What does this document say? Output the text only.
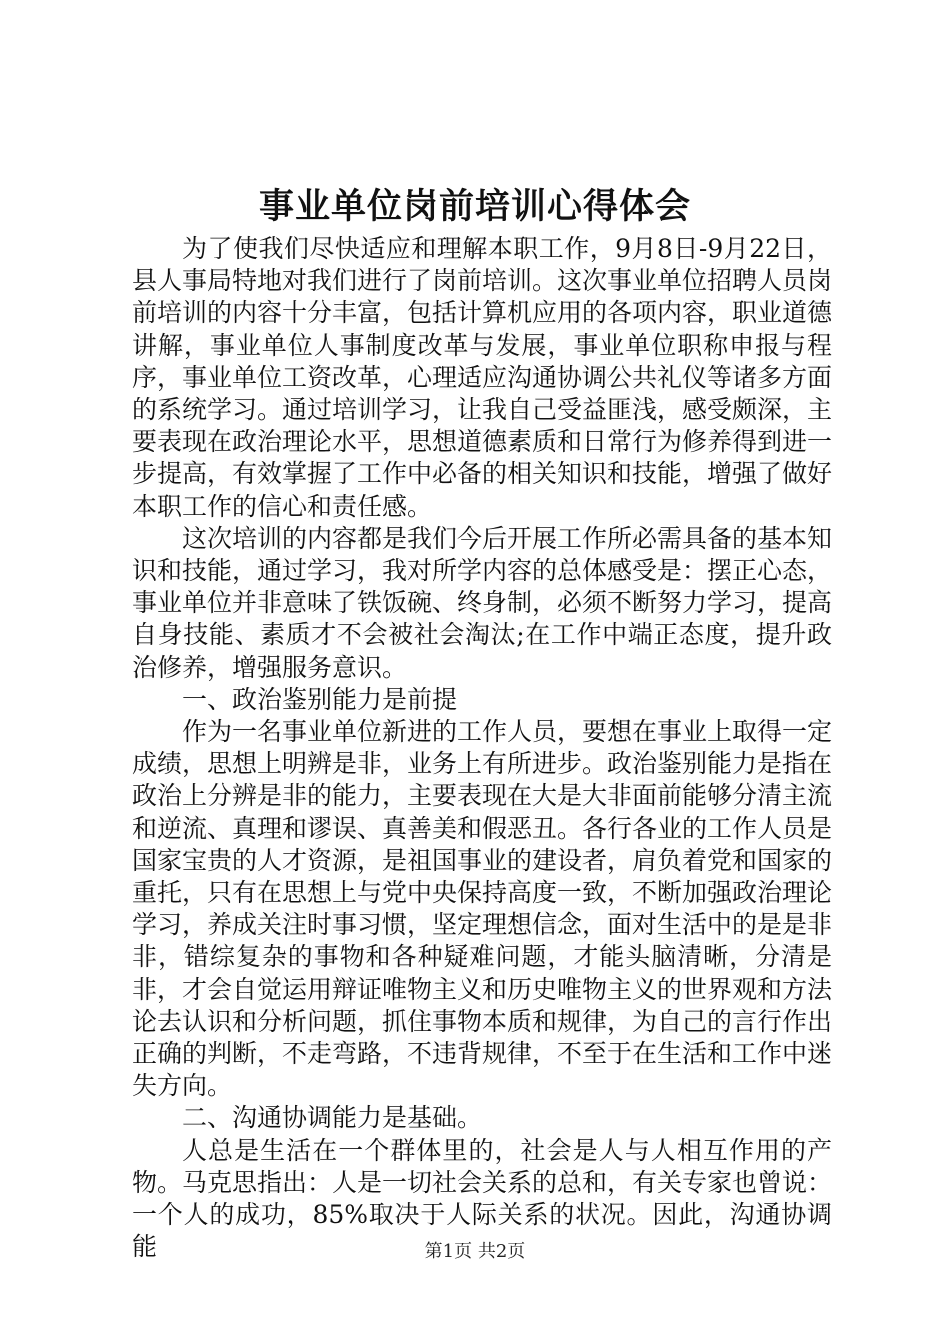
事业单位岗前培训心得体会

为了使我们尽快适应和理解本职工作，9月8日-9月22日，县人事局特地对我们进行了岗前培训。这次事业单位招聘人员岗前培训的内容十分丰富，包括计算机应用的各项内容，职业道德讲解，事业单位人事制度改革与发展，事业单位职称申报与程序，事业单位工资改革，心理适应沟通协调公共礼仪等诸多方面的系统学习。通过培训学习，让我自己受益匪浅，感受颇深，主要表现在政治理论水平，思想道德素质和日常行为修养得到进一步提高，有效掌握了工作中必备的相关知识和技能，增强了做好本职工作的信心和责任感。

这次培训的内容都是我们今后开展工作所必需具备的基本知识和技能，通过学习，我对所学内容的总体感受是：摆正心态，事业单位并非意味了铁饭碗、终身制，必须不断努力学习，提高自身技能、素质才不会被社会淘汰;在工作中端正态度，提升政治修养，增强服务意识。

一、政治鉴别能力是前提

作为一名事业单位新进的工作人员，要想在事业上取得一定成绩，思想上明辨是非，业务上有所进步。政治鉴别能力是指在政治上分辨是非的能力，主要表现在大是大非面前能够分清主流和逆流、真理和谬误、真善美和假恶丑。各行各业的工作人员是国家宝贵的人才资源，是祖国事业的建设者，肩负着党和国家的重托，只有在思想上与党中央保持高度一致，不断加强政治理论学习，养成关注时事习惯，坚定理想信念，面对生活中的是是非非，错综复杂的事物和各种疑难问题，才能头脑清晰，分清是非，才会自觉运用辩证唯物主义和历史唯物主义的世界观和方法论去认识和分析问题，抓住事物本质和规律，为自己的言行作出正确的判断，不走弯路，不违背规律，不至于在生活和工作中迷失方向。

二、沟通协调能力是基础。

人总是生活在一个群体里的，社会是人与人相互作用的产物。马克思指出：人是一切社会关系的总和，有关专家也曾说：一个人的成功，85%取决于人际关系的状况。因此，沟通协调能	第1页 共2页
